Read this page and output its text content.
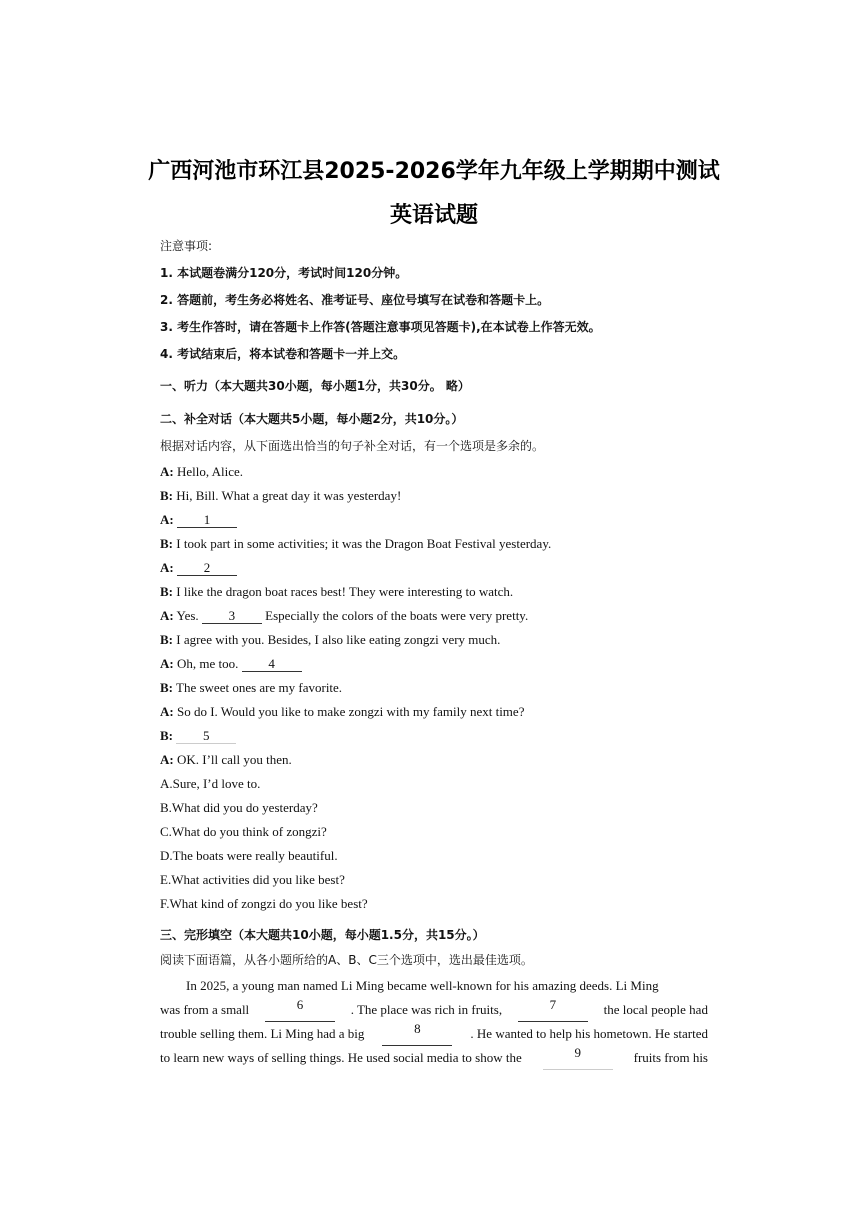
广西河池市环江县2025-2026学年九年级上学期期中测试
英语试题
注意事项:
1. 本试题卷满分120分，考试时间120分钟。
2. 答题前，考生务必将姓名、准考证号、座位号填写在试卷和答题卡上。
3. 考生作答时，请在答题卡上作答(答题注意事项见答题卡),在本试卷上作答无效。
4. 考试结束后，将本试卷和答题卡一并上交。
一、听力（本大题共30小题，每小题1分，共30分。 略）
二、补全对话（本大题共5小题，每小题2分，共10分。）
根据对话内容，从下面选出恰当的句子补全对话，有一个选项是多余的。
A: Hello, Alice.
B: Hi, Bill. What a great day it was yesterday!
A: 1
B: I took part in some activities; it was the Dragon Boat Festival yesterday.
A: 2
B: I like the dragon boat races best! They were interesting to watch.
A: Yes. 3 Especially the colors of the boats were very pretty.
B: I agree with you. Besides, I also like eating zongzi very much.
A: Oh, me too. 4
B: The sweet ones are my favorite.
A: So do I. Would you like to make zongzi with my family next time?
B: 5
A: OK. I’ll call you then.
A.Sure, I’d love to.
B.What did you do yesterday?
C.What do you think of zongzi?
D.The boats were really beautiful.
E.What activities did you like best?
F.What kind of zongzi do you like best?
三、完形填空（本大题共10小题，每小题1.5分，共15分。）
阅读下面语篇，从各小题所给的A、B、C三个选项中，选出最佳选项。
In 2025, a young man named Li Ming became well-known for his amazing deeds. Li Ming
was from a small	6	. The place was rich in fruits,	7	the local people had
trouble selling them. Li Ming had a big	8	. He wanted to help his hometown. He started
to learn new ways of selling things. He used social media to show the	9	fruits from his
